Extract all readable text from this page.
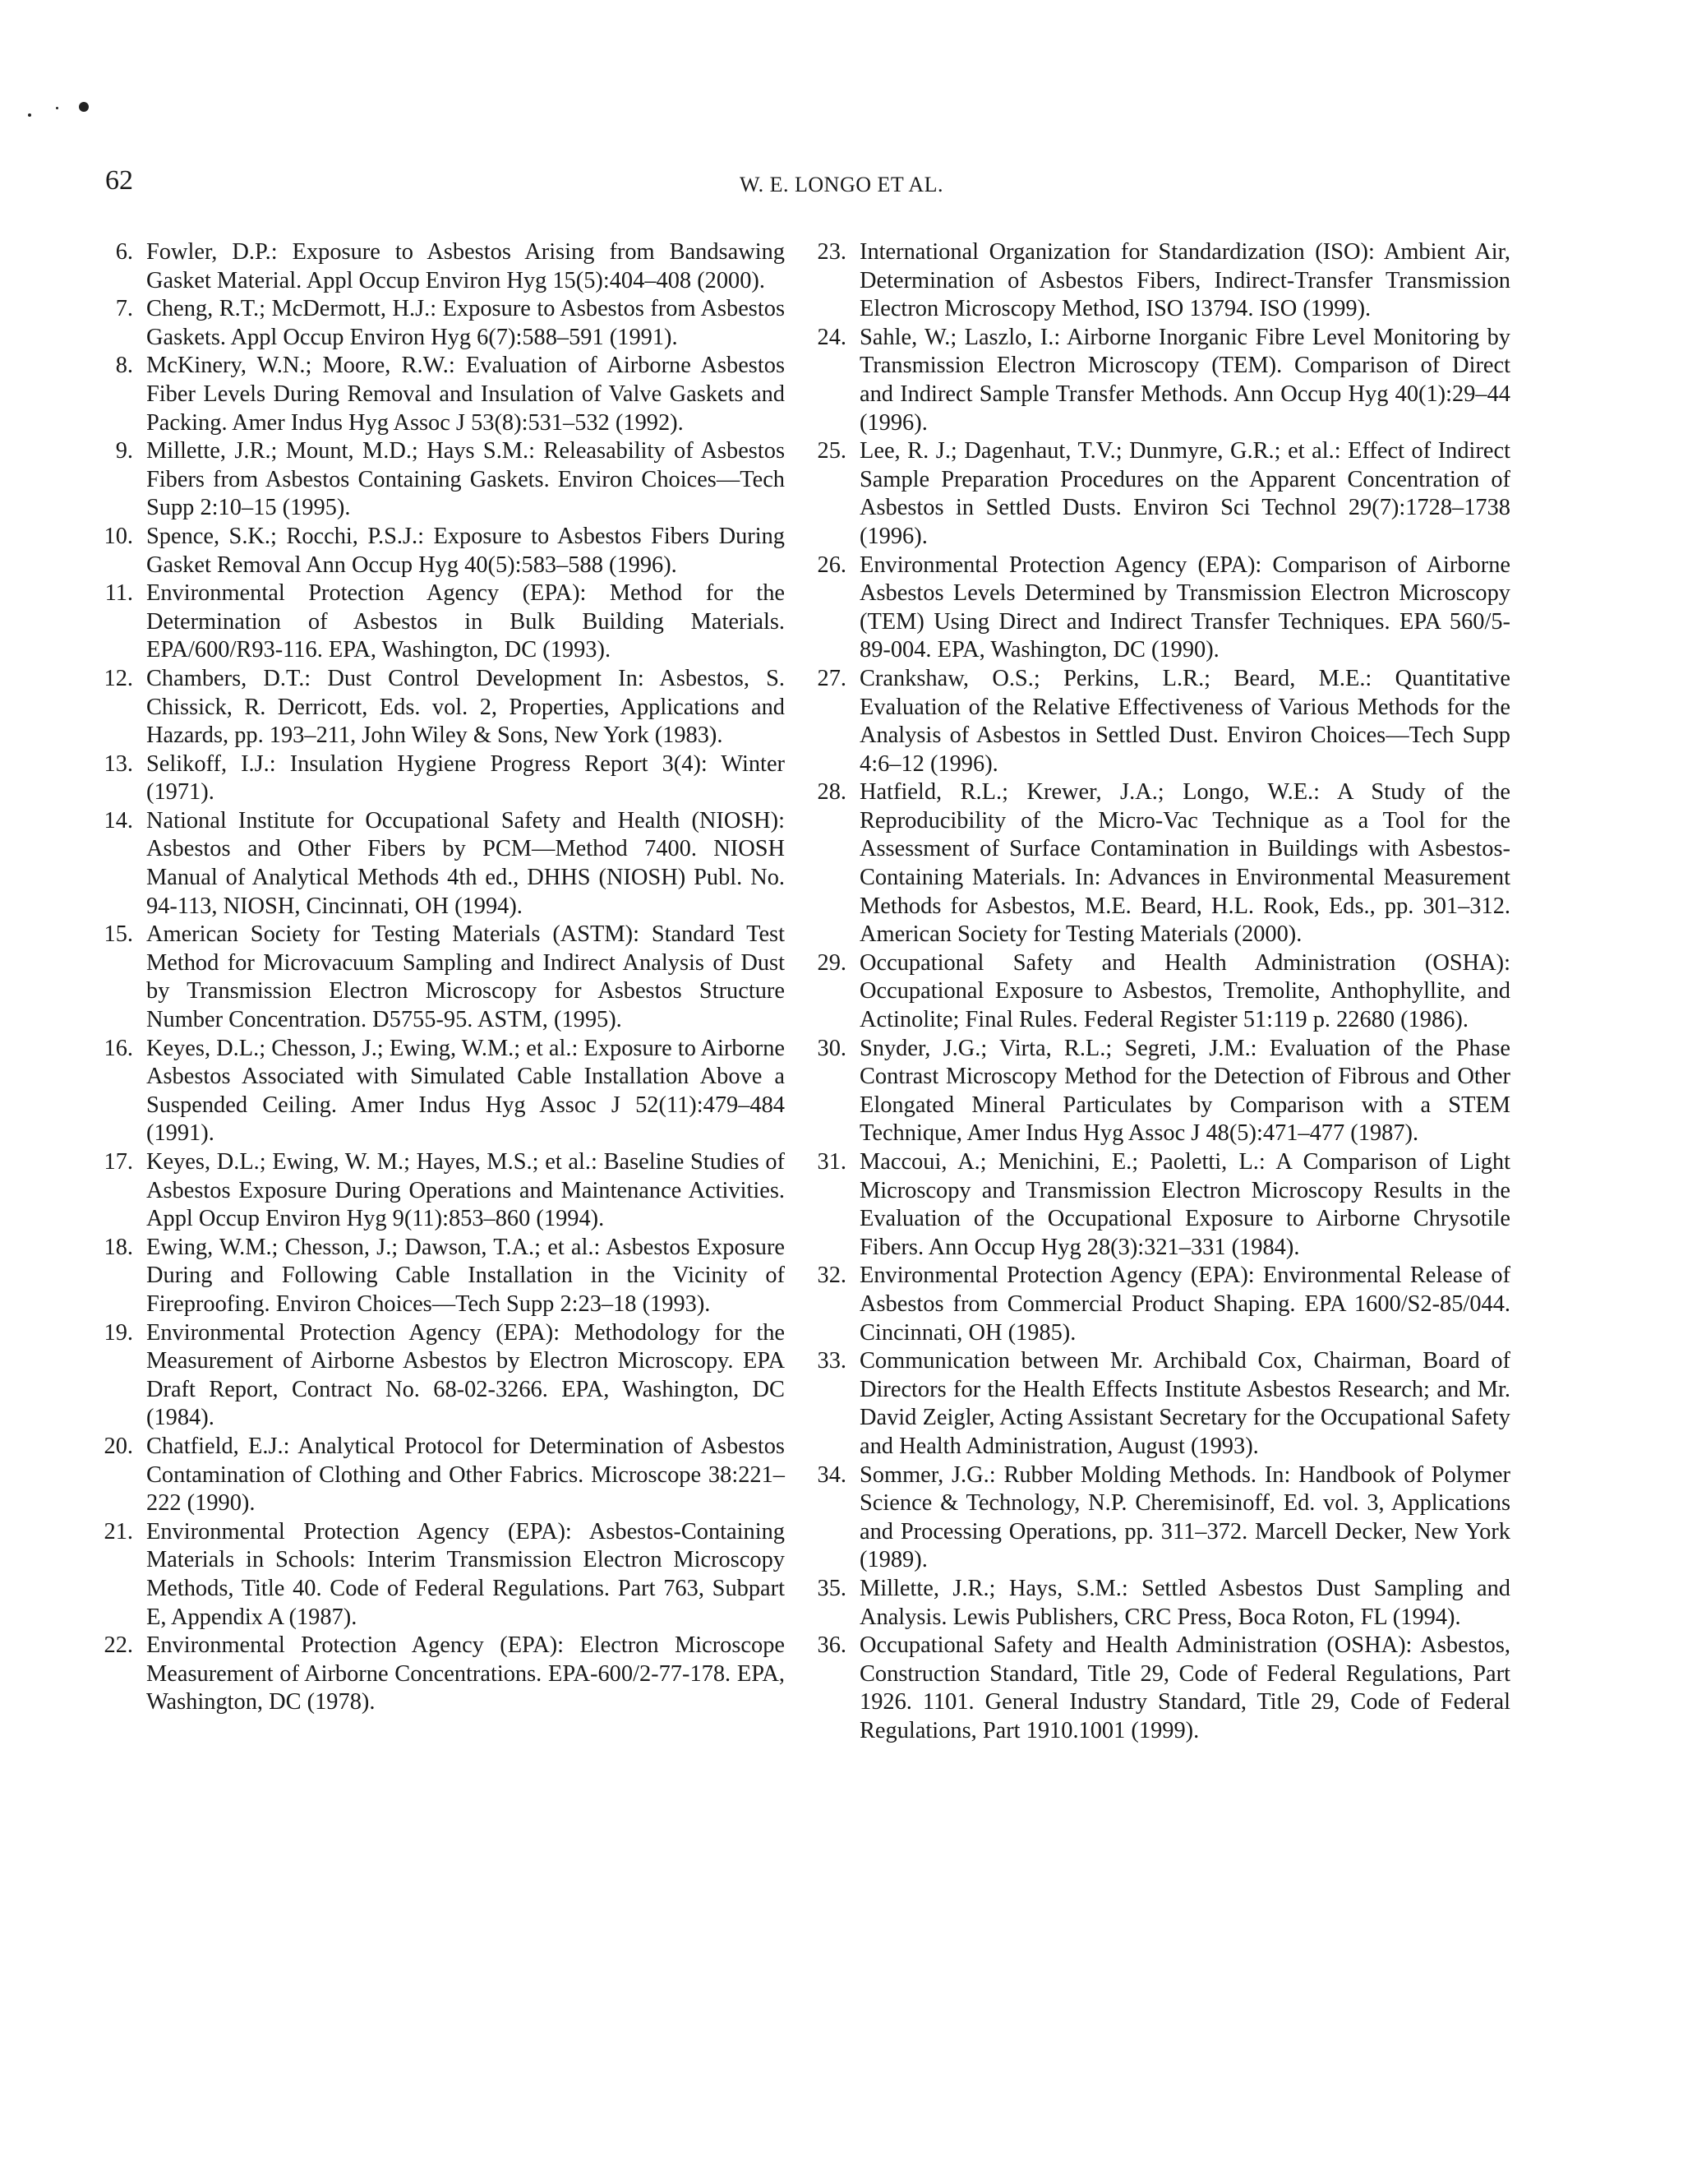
62	W. E. LONGO ET AL.
6. Fowler, D.P.: Exposure to Asbestos Arising from Bandsawing Gasket Material. Appl Occup Environ Hyg 15(5):404–408 (2000).
7. Cheng, R.T.; McDermott, H.J.: Exposure to Asbestos from Asbestos Gaskets. Appl Occup Environ Hyg 6(7):588–591 (1991).
8. McKinery, W.N.; Moore, R.W.: Evaluation of Airborne Asbestos Fiber Levels During Removal and Insulation of Valve Gaskets and Packing. Amer Indus Hyg Assoc J 53(8):531–532 (1992).
9. Millette, J.R.; Mount, M.D.; Hays S.M.: Releasability of Asbestos Fibers from Asbestos Containing Gaskets. Environ Choices—Tech Supp 2:10–15 (1995).
10. Spence, S.K.; Rocchi, P.S.J.: Exposure to Asbestos Fibers During Gasket Removal Ann Occup Hyg 40(5):583–588 (1996).
11. Environmental Protection Agency (EPA): Method for the Determination of Asbestos in Bulk Building Materials. EPA/600/R93-116. EPA, Washington, DC (1993).
12. Chambers, D.T.: Dust Control Development In: Asbestos, S. Chissick, R. Derricott, Eds. vol. 2, Properties, Applications and Hazards, pp. 193–211, John Wiley & Sons, New York (1983).
13. Selikoff, I.J.: Insulation Hygiene Progress Report 3(4): Winter (1971).
14. National Institute for Occupational Safety and Health (NIOSH): Asbestos and Other Fibers by PCM—Method 7400. NIOSH Manual of Analytical Methods 4th ed., DHHS (NIOSH) Publ. No. 94-113, NIOSH, Cincinnati, OH (1994).
15. American Society for Testing Materials (ASTM): Standard Test Method for Microvacuum Sampling and Indirect Analysis of Dust by Transmission Electron Microscopy for Asbestos Structure Number Concentration. D5755-95. ASTM, (1995).
16. Keyes, D.L.; Chesson, J.; Ewing, W.M.; et al.: Exposure to Airborne Asbestos Associated with Simulated Cable Installation Above a Suspended Ceiling. Amer Indus Hyg Assoc J 52(11):479–484 (1991).
17. Keyes, D.L.; Ewing, W. M.; Hayes, M.S.; et al.: Baseline Studies of Asbestos Exposure During Operations and Maintenance Activities. Appl Occup Environ Hyg 9(11):853–860 (1994).
18. Ewing, W.M.; Chesson, J.; Dawson, T.A.; et al.: Asbestos Exposure During and Following Cable Installation in the Vicinity of Fireproofing. Environ Choices—Tech Supp 2:23–18 (1993).
19. Environmental Protection Agency (EPA): Methodology for the Measurement of Airborne Asbestos by Electron Microscopy. EPA Draft Report, Contract No. 68-02-3266. EPA, Washington, DC (1984).
20. Chatfield, E.J.: Analytical Protocol for Determination of Asbestos Contamination of Clothing and Other Fabrics. Microscope 38:221–222 (1990).
21. Environmental Protection Agency (EPA): Asbestos-Containing Materials in Schools: Interim Transmission Electron Microscopy Methods, Title 40. Code of Federal Regulations. Part 763, Subpart E, Appendix A (1987).
22. Environmental Protection Agency (EPA): Electron Microscope Measurement of Airborne Concentrations. EPA-600/2-77-178. EPA, Washington, DC (1978).
23. International Organization for Standardization (ISO): Ambient Air, Determination of Asbestos Fibers, Indirect-Transfer Transmission Electron Microscopy Method, ISO 13794. ISO (1999).
24. Sahle, W.; Laszlo, I.: Airborne Inorganic Fibre Level Monitoring by Transmission Electron Microscopy (TEM). Comparison of Direct and Indirect Sample Transfer Methods. Ann Occup Hyg 40(1):29–44 (1996).
25. Lee, R. J.; Dagenhaut, T.V.; Dunmyre, G.R.; et al.: Effect of Indirect Sample Preparation Procedures on the Apparent Concentration of Asbestos in Settled Dusts. Environ Sci Technol 29(7):1728–1738 (1996).
26. Environmental Protection Agency (EPA): Comparison of Airborne Asbestos Levels Determined by Transmission Electron Microscopy (TEM) Using Direct and Indirect Transfer Techniques. EPA 560/5-89-004. EPA, Washington, DC (1990).
27. Crankshaw, O.S.; Perkins, L.R.; Beard, M.E.: Quantitative Evaluation of the Relative Effectiveness of Various Methods for the Analysis of Asbestos in Settled Dust. Environ Choices—Tech Supp 4:6–12 (1996).
28. Hatfield, R.L.; Krewer, J.A.; Longo, W.E.: A Study of the Reproducibility of the Micro-Vac Technique as a Tool for the Assessment of Surface Contamination in Buildings with Asbestos-Containing Materials. In: Advances in Environmental Measurement Methods for Asbestos, M.E. Beard, H.L. Rook, Eds., pp. 301–312. American Society for Testing Materials (2000).
29. Occupational Safety and Health Administration (OSHA): Occupational Exposure to Asbestos, Tremolite, Anthophyllite, and Actinolite; Final Rules. Federal Register 51:119 p. 22680 (1986).
30. Snyder, J.G.; Virta, R.L.; Segreti, J.M.: Evaluation of the Phase Contrast Microscopy Method for the Detection of Fibrous and Other Elongated Mineral Particulates by Comparison with a STEM Technique, Amer Indus Hyg Assoc J 48(5):471–477 (1987).
31. Maccoui, A.; Menichini, E.; Paoletti, L.: A Comparison of Light Microscopy and Transmission Electron Microscopy Results in the Evaluation of the Occupational Exposure to Airborne Chrysotile Fibers. Ann Occup Hyg 28(3):321–331 (1984).
32. Environmental Protection Agency (EPA): Environmental Release of Asbestos from Commercial Product Shaping. EPA 1600/S2-85/044. Cincinnati, OH (1985).
33. Communication between Mr. Archibald Cox, Chairman, Board of Directors for the Health Effects Institute Asbestos Research; and Mr. David Zeigler, Acting Assistant Secretary for the Occupational Safety and Health Administration, August (1993).
34. Sommer, J.G.: Rubber Molding Methods. In: Handbook of Polymer Science & Technology, N.P. Cheremisinoff, Ed. vol. 3, Applications and Processing Operations, pp. 311–372. Marcell Decker, New York (1989).
35. Millette, J.R.; Hays, S.M.: Settled Asbestos Dust Sampling and Analysis. Lewis Publishers, CRC Press, Boca Roton, FL (1994).
36. Occupational Safety and Health Administration (OSHA): Asbestos, Construction Standard, Title 29, Code of Federal Regulations, Part 1926. 1101. General Industry Standard, Title 29, Code of Federal Regulations, Part 1910.1001 (1999).
